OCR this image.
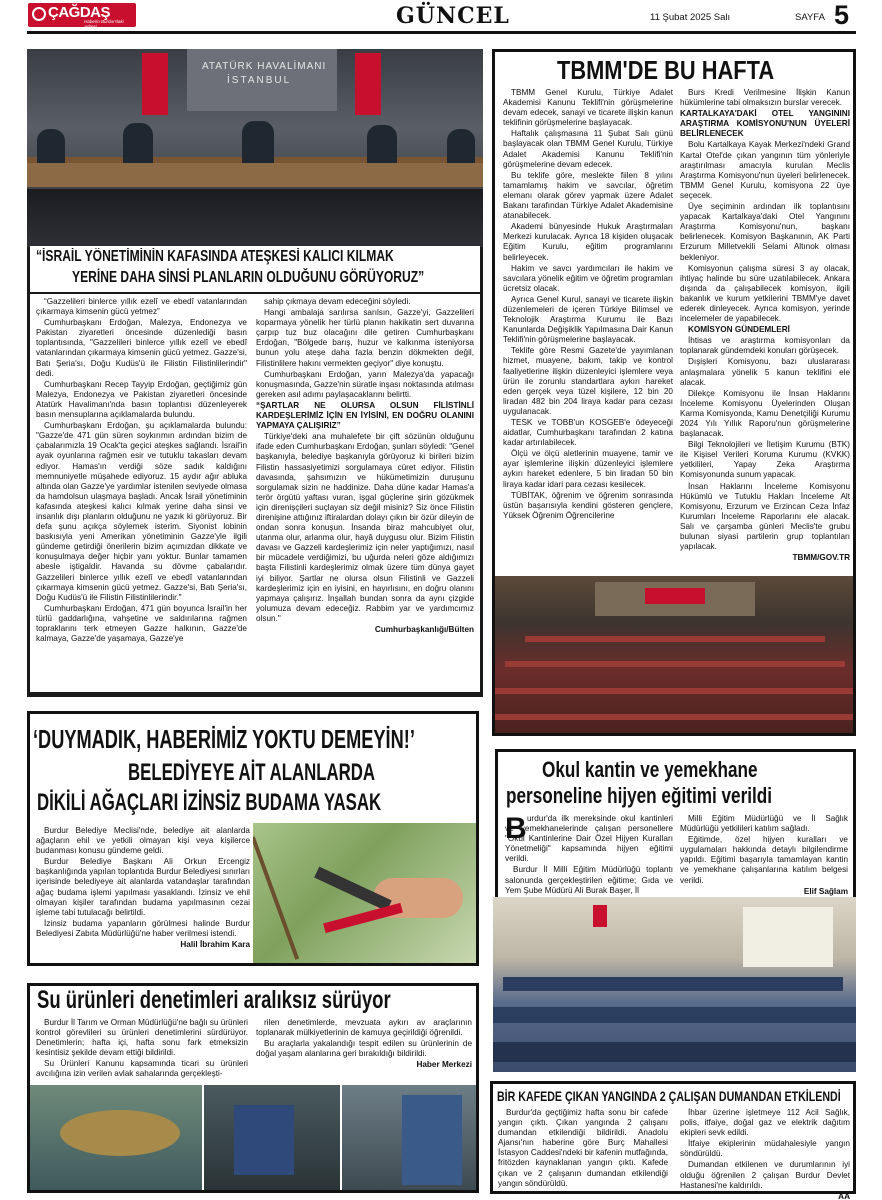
ÇAĞDAŞ
Haberin Burdur'daki Adresi	GÜNCEL	11 Şubat 2025 Salı	SAYFA 5
ATATÜRK HAVALİMANI
İSTANBUL
“İSRAİL YÖNETİMİNİN KAFASINDA ATEŞKESİ KALICI KILMAK
YERİNE DAHA SİNSİ PLANLARIN OLDUĞUNU GÖRÜYORUZ”

“Gazzelileri binlerce yıllık ezelî ve ebedî vatanlarından çıkarmaya kimsenin gücü yetmez”

Cumhurbaşkanı Erdoğan, Malezya, Endonezya ve Pakistan ziyaretleri öncesinde düzenlediği basın toplantısında, "Gazzelileri binlerce yıllık ezelî ve ebedî vatanlarından çıkarmaya kimsenin gücü yetmez. Gazze'si, Batı Şeria'sı, Doğu Kudüs'ü ile Filistin Filistinlilerindir" dedi.

Cumhurbaşkanı Recep Tayyip Erdoğan, geçtiğimiz gün Malezya, Endonezya ve Pakistan ziyaretleri öncesinde Atatürk Havalimanı'nda basın toplantısı düzenleyerek basın mensuplarına açıklamalarda bulundu.

Cumhurbaşkanı Erdoğan, şu açıklamalarda bulundu: "Gazze'de 471 gün süren soykırımın ardından bizim de çabalarımızla 19 Ocak'ta geçici ateşkes sağlandı. İsrail'in ayak oyunlarına rağmen esir ve tutuklu takasları devam ediyor. Hamas'ın verdiği söze sadık kaldığını memnuniyetle müşahede ediyoruz. 15 aydır ağır abluka altında olan Gazze'ye yardımlar istenilen seviyede olmasa da hamdolsun ulaşmaya başladı. Ancak İsrail yönetiminin kafasında ateşkesi kalıcı kılmak yerine daha sinsi ve insanlık dışı planların olduğunu ne yazık ki görüyoruz. Bir defa şunu açıkça söylemek isterim. Siyonist lobinin baskısıyla yeni Amerikan yönetiminin Gazze'yle ilgili gündeme getirdiği önerilerin bizim açımızdan dikkate ve konuşulmaya değer hiçbir yanı yoktur. Bunlar tamamen abesle iştigaldir. Havanda su dövme çabalarıdır. Gazzelileri binlerce yıllık ezelî ve ebedî vatanlarından çıkarmaya kimsenin gücü yetmez. Gazze'si, Batı Şeria'sı, Doğu Kudüs'ü ile Filistin Filistinlilerindir."

Cumhurbaşkanı Erdoğan, 471 gün boyunca İsrail'in her türlü gaddarlığına, vahşetine ve saldırılarına rağmen topraklarını terk etmeyen Gazze halkının, Gazze'de kalmaya, Gazze'de yaşamaya, Gazze'ye

sahip çıkmaya devam edeceğini söyledi.

Hangi ambalaja sarılırsa sarılsın, Gazze'yi, Gazzelileri koparmaya yönelik her türlü planın hakikatin sert duvarına çarpıp tuz buz olacağını dile getiren Cumhurbaşkanı Erdoğan, "Bölgede barış, huzur ve kalkınma isteniyorsa bunun yolu ateşe daha fazla benzin dökmekten değil, Filistinlilere hakını vermekten geçiyor" diye konuştu.

Cumhurbaşkanı Erdoğan, yarın Malezya'da yapacağı konuşmasında, Gazze'nin süratle inşası noktasında atılması gereken asıl adımı paylaşacaklarını belirtti.

“ŞARTLAR NE OLURSA OLSUN FİLİSTİNLİ KARDEŞLERİMİZ İÇİN EN İYİSİNİ, EN DOĞRU OLANINI YAPMAYA ÇALIŞIRIZ”

Türkiye'deki ana muhalefete bir çift sözünün olduğunu ifade eden Cumhurbaşkanı Erdoğan, şunları söyledi: "Genel başkanıyla, belediye başkanıyla görüyoruz ki birileri bizim Filistin hassasiyetimizi sorgulamaya cüret ediyor. Filistin davasında, şahsımızın ve hükümetimizin duruşunu sorgulamak sizin ne haddinize. Daha düne kadar Hamas'a terör örgütü yaftası vuran, işgal güçlerine şirin gözükmek için direnişçileri suçlayan siz değil misiniz? Siz önce Filistin direnişine attığınız iftiralardan dolayı çıkın bir özür dileyin de ondan sonra konuşun. İnsanda biraz mahcubiyet olur, utanma olur, arlanma olur, hayâ duygusu olur. Bizim Filistin davası ve Gazzeli kardeşlerimiz için neler yaptığımızı, nasıl bir mücadele verdiğimizi, bu uğurda neleri göze aldığımızı başta Filistinli kardeşlerimiz olmak üzere tüm dünya gayet iyi biliyor. Şartlar ne olursa olsun Filistinli ve Gazzeli kardeşlerimiz için en iyisini, en hayırlısını, en doğru olanını yapmaya çalışırız. İnşallah bundan sonra da aynı çizgide yolumuza devam edeceğiz. Rabbim yar ve yardımcımız olsun."

Cumhurbaşkanlığı/Bülten

TBMM'DE BU HAFTA

TBMM Genel Kurulu, Türkiye Adalet Akademisi Kanunu Teklifi'nin görüşmelerine devam edecek, sanayi ve ticarete ilişkin kanun teklifinin görüşmelerine başlayacak.

Haftalık çalışmasına 11 Şubat Salı günü başlayacak olan TBMM Genel Kurulu, Türkiye Adalet Akademisi Kanunu Teklifi'nin görüşmelerine devam edecek.

Bu teklife göre, meslekte fiilen 8 yılını tamamlamış hakim ve savcılar, öğretim elemanı olarak görev yapmak üzere Adalet Bakanı tarafından Türkiye Adalet Akademisine atanabilecek.

Akademi bünyesinde Hukuk Araştırmaları Merkezi kurulacak. Ayrıca 18 kişiden oluşacak Eğitim Kurulu, eğitim programlarını belirleyecek.

Hakim ve savcı yardımcıları ile hakim ve savcılara yönelik eğitim ve öğretim programları ücretsiz olacak.

Ayrıca Genel Kurul, sanayi ve ticarete ilişkin düzenlemeleri de içeren Türkiye Bilimsel ve Teknolojik Araştırma Kurumu ile Bazı Kanunlarda Değişiklik Yapılmasına Dair Kanun Teklifi'nin görüşmelerine başlayacak.

Teklife göre Resmi Gazete'de yayımlanan hizmet, muayene, bakım, takip ve kontrol faaliyetlerine ilişkin düzenleyici işlemlere veya ürün ile zorunlu standartlara aykırı hareket eden gerçek veya tüzel kişilere, 12 bin 20 liradan 482 bin 204 liraya kadar para cezası uygulanacak.

TESK ve TOBB'un KOSGEB'e ödeyeceği aidatlar, Cumhurbaşkanı tarafından 2 katına kadar artırılabilecek.

Ölçü ve ölçü aletlerinin muayene, tamir ve ayar işlemlerine ilişkin düzenleyici işlemlere aykırı hareket edenlere, 5 bin liradan 50 bin liraya kadar idari para cezası kesilecek.

TÜBİTAK, öğrenim ve öğrenim sonrasında üstün başarısıyla kendini gösteren gençlere, Yüksek Öğrenim Öğrencilerine

Burs Kredi Verilmesine İlişkin Kanun hükümlerine tabi olmaksızın burslar verecek.

KARTALKAYA'DAKİ OTEL YANGININI ARAŞTIRMA KOMİSYONU'NUN ÜYELERİ BELİRLENECEK

Bolu Kartalkaya Kayak Merkezi'ndeki Grand Kartal Otel'de çıkan yangının tüm yönleriyle araştırılması amacıyla kurulan Meclis Araştırma Komisyonu'nun üyeleri belirlenecek. TBMM Genel Kurulu, komisyona 22 üye seçecek.

Üye seçiminin ardından ilk toplantısını yapacak Kartalkaya'daki Otel Yangınını Araştırma Komisyonu'nun, başkanı belirlenecek. Komisyon Başkanının, AK Parti Erzurum Milletvekili Selami Altınok olması bekleniyor.

Komisyonun çalışma süresi 3 ay olacak, ihtiyaç halinde bu süre uzatılabilecek. Ankara dışında da çalışabilecek komisyon, ilgili bakanlık ve kurum yetkilerini TBMM'ye davet ederek dinleyecek. Ayrıca komisyon, yerinde incelemeler de yapabilecek.

KOMİSYON GÜNDEMLERİ

İhtisas ve araştırma komisyonları da toplanarak gündemdeki konuları görüşecek.

Dışişleri Komisyonu, bazı uluslararası anlaşmalara yönelik 5 kanun teklifini ele alacak.

Dilekçe Komisyonu ile İnsan Haklarını İnceleme Komisyonu Üyelerinden Oluşan Karma Komisyonda, Kamu Denetçiliği Kurumu 2024 Yılı Yıllık Raporu'nun görüşmelerine başlanacak.

Bilgi Teknolojileri ve İletişim Kurumu (BTK) ile Kişisel Verileri Koruma Kurumu (KVKK) yetkilileri, Yapay Zeka Araştırma Komisyonunda sunum yapacak.

İnsan Haklarını İnceleme Komisyonu Hükümlü ve Tutuklu Hakları İnceleme Alt Komisyonu, Erzurum ve Erzincan Ceza İnfaz Kurumları İnceleme Raporlarını ele alacak. Salı ve çarşamba günleri Meclis'te grubu bulunan siyasi partilerin grup toplantıları yapılacak.

TBMM/GOV.TR

‘DUYMADIK, HABERİMİZ YOKTU DEMEYİN!’
BELEDİYEYE AİT ALANLARDA
DİKİLİ AĞAÇLARI İZİNSİZ BUDAMA YASAK

Burdur Belediye Meclisi'nde, belediye ait alanlarda ağaçların ehil ve yetkili olmayan kişi veya kişilerce budanması konusu gündeme geldi.

Burdur Belediye Başkanı Ali Orkun Ercengiz başkanlığında yapılan toplantıda Burdur Belediyesi sınırları içerisinde belediyeye ait alanlarda vatandaşlar tarafından ağaç budama işlemi yapılması yasaklandı. İzinsiz ve ehil olmayan kişiler tarafından budama yapılmasının cezai işleme tabi tutulacağı belirtildi.

İzinsiz budama yapanların görülmesi halinde Burdur Belediyesi Zabıta Müdürlüğü'ne haber verilmesi istendi.

Halil İbrahim Kara

Okul kantin ve yemekhane
personeline hijyen eğitimi verildi
B urdur'da ilk mereksinde okul kantinleri ve yemekhanelerinde çalışan personellere "Okul Kantinlerine Dair Özel Hijyen Kuralları Yönetmeliği" kapsamında hijyen eğitimi verildi.

Burdur İl Milli Eğitim Müdürlüğü toplantı salonunda gerçekleştirilen eğitime; Gıda ve Yem Şube Müdürü Ali Burak Başer, İl

Milli Eğitim Müdürlüğü ve İl Sağlık Müdürlüğü yetkilileri katılım sağladı.

Eğitimde, özel hijyen kuralları ve uygulamaları hakkında detaylı bilgilendirme yapıldı. Eğitimi başarıyla tamamlayan kantin ve yemekhane çalışanlarına katılım belgesi verildi.

Elif Sağlam

Su ürünleri denetimleri aralıksız sürüyor

Burdur İl Tarım ve Orman Müdürlüğü'ne bağlı su ürünleri kontrol görevlileri su ürünleri denetimlerini sürdürüyor. Denetimlerin; hafta içi, hafta sonu fark etmeksizin kesintisiz şekilde devam ettiği bildirildi.

Su Ürünleri Kanunu kapsamında ticari su ürünleri avcılığına izin verilen avlak sahalarında gerçekleşti-

rilen denetimlerde, mevzuata aykırı av araçlarının toplanarak mülkiyetlerinin de kamuya geçirildiği öğrenildi.

Bu araçlarla yakalandığı tespit edilen su ürünlerinin de doğal yaşam alanlarına geri bırakıldığı bildirildi.

Haber Merkezi

BİR KAFEDE ÇIKAN YANGINDA 2 ÇALIŞAN DUMANDAN ETKİLENDİ

Burdur'da geçtiğimiz hafta sonu bir cafede yangın çıktı. Çıkan yangında 2 çalışanı dumandan etkilendiği bildirildi. Anadolu Ajansı'nın haberine göre Burç Mahallesi İstasyon Caddesi'ndeki bir kafenin mutfağında, fritözden kaynaklanan yangın çıktı. Kafede çıkan ve 2 çalışanın dumandan etkilendiği yangın söndürüldü.

İhbar üzerine işletmeye 112 Acil Sağlık, polis, itfaiye, doğal gaz ve elektrik dağıtım ekipleri sevk edildi.

İtfaiye ekiplerinin müdahalesiyle yangın söndürüldü.

Dumandan etkilenen ve durumlarının iyi olduğu öğrenilen 2 çalışan Burdur Devlet Hastanesi'ne kaldırıldı.

AA
